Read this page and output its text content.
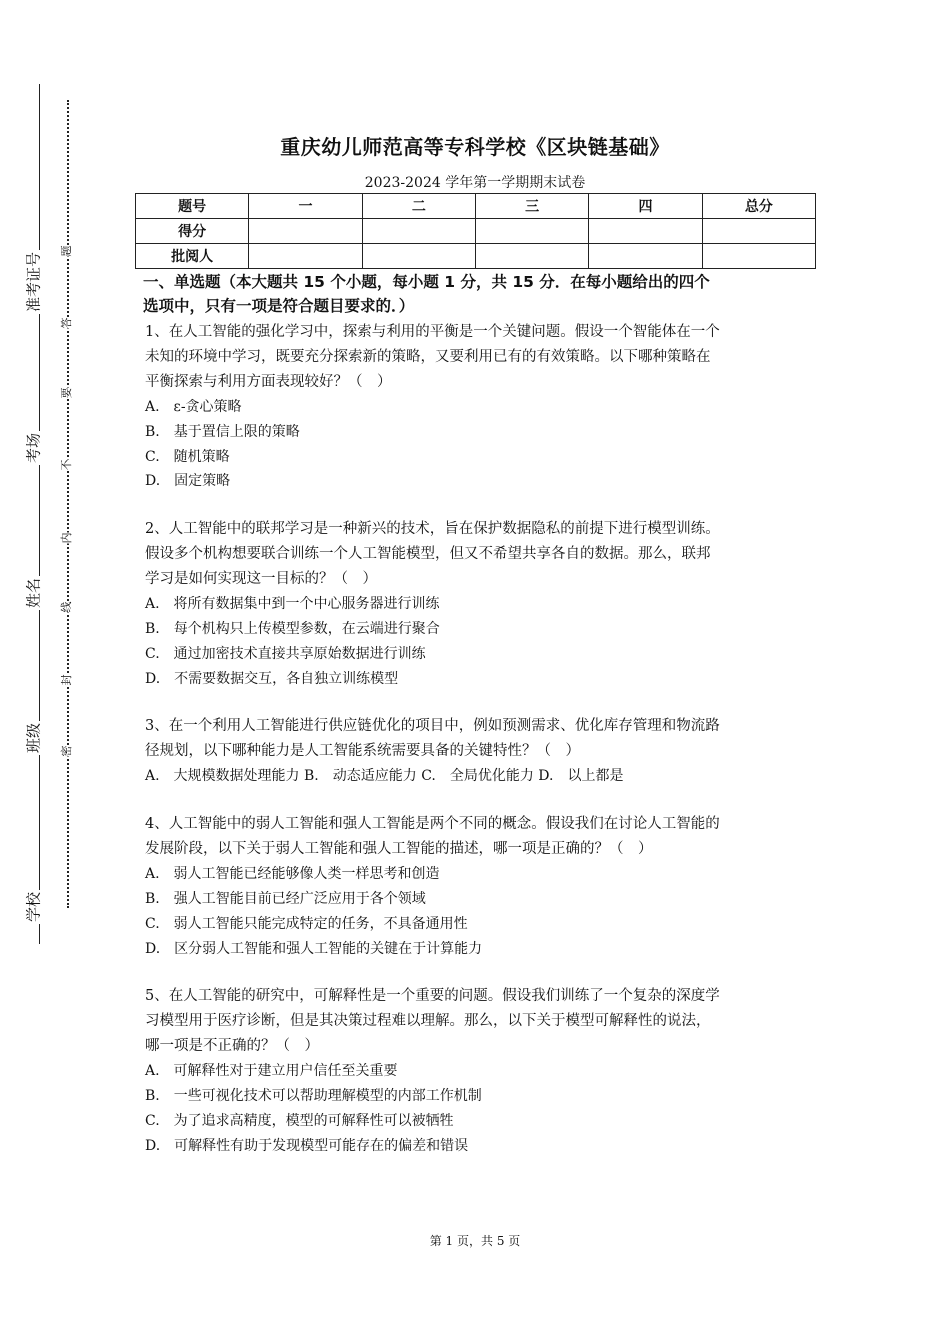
准考证号
考场
姓名
班级
学校
题
答
要
不
内
线
封
密
重庆幼儿师范高等专科学校《区块链基础》
2023-2024 学年第一学期期末试卷
题号	一	二	三	四	总分
得分					
批阅人					
一、单选题（本大题共 15 个小题，每小题 1 分，共 15 分．在每小题给出的四个
选项中，只有一项是符合题目要求的．）
1、在人工智能的强化学习中，探索与利用的平衡是一个关键问题。假设一个智能体在一个
未知的环境中学习，既要充分探索新的策略，又要利用已有的有效策略。以下哪种策略在
平衡探索与利用方面表现较好？（　）
A.　ε-贪心策略
B.　基于置信上限的策略
C.　随机策略
D.　固定策略
2、人工智能中的联邦学习是一种新兴的技术，旨在保护数据隐私的前提下进行模型训练。
假设多个机构想要联合训练一个人工智能模型，但又不希望共享各自的数据。那么，联邦
学习是如何实现这一目标的？（　）
A.　将所有数据集中到一个中心服务器进行训练
B.　每个机构只上传模型参数，在云端进行聚合
C.　通过加密技术直接共享原始数据进行训练
D.　不需要数据交互，各自独立训练模型
3、在一个利用人工智能进行供应链优化的项目中，例如预测需求、优化库存管理和物流路
径规划，以下哪种能力是人工智能系统需要具备的关键特性？（　）
A.　大规模数据处理能力 B.　动态适应能力 C.　全局优化能力 D.　以上都是
4、人工智能中的弱人工智能和强人工智能是两个不同的概念。假设我们在讨论人工智能的
发展阶段，以下关于弱人工智能和强人工智能的描述，哪一项是正确的？（　）
A.　弱人工智能已经能够像人类一样思考和创造
B.　强人工智能目前已经广泛应用于各个领域
C.　弱人工智能只能完成特定的任务，不具备通用性
D.　区分弱人工智能和强人工智能的关键在于计算能力
5、在人工智能的研究中，可解释性是一个重要的问题。假设我们训练了一个复杂的深度学
习模型用于医疗诊断，但是其决策过程难以理解。那么，以下关于模型可解释性的说法，
哪一项是不正确的？（　）
A.　可解释性对于建立用户信任至关重要
B.　一些可视化技术可以帮助理解模型的内部工作机制
C.　为了追求高精度，模型的可解释性可以被牺牲
D.　可解释性有助于发现模型可能存在的偏差和错误
第 1 页，共 5 页
